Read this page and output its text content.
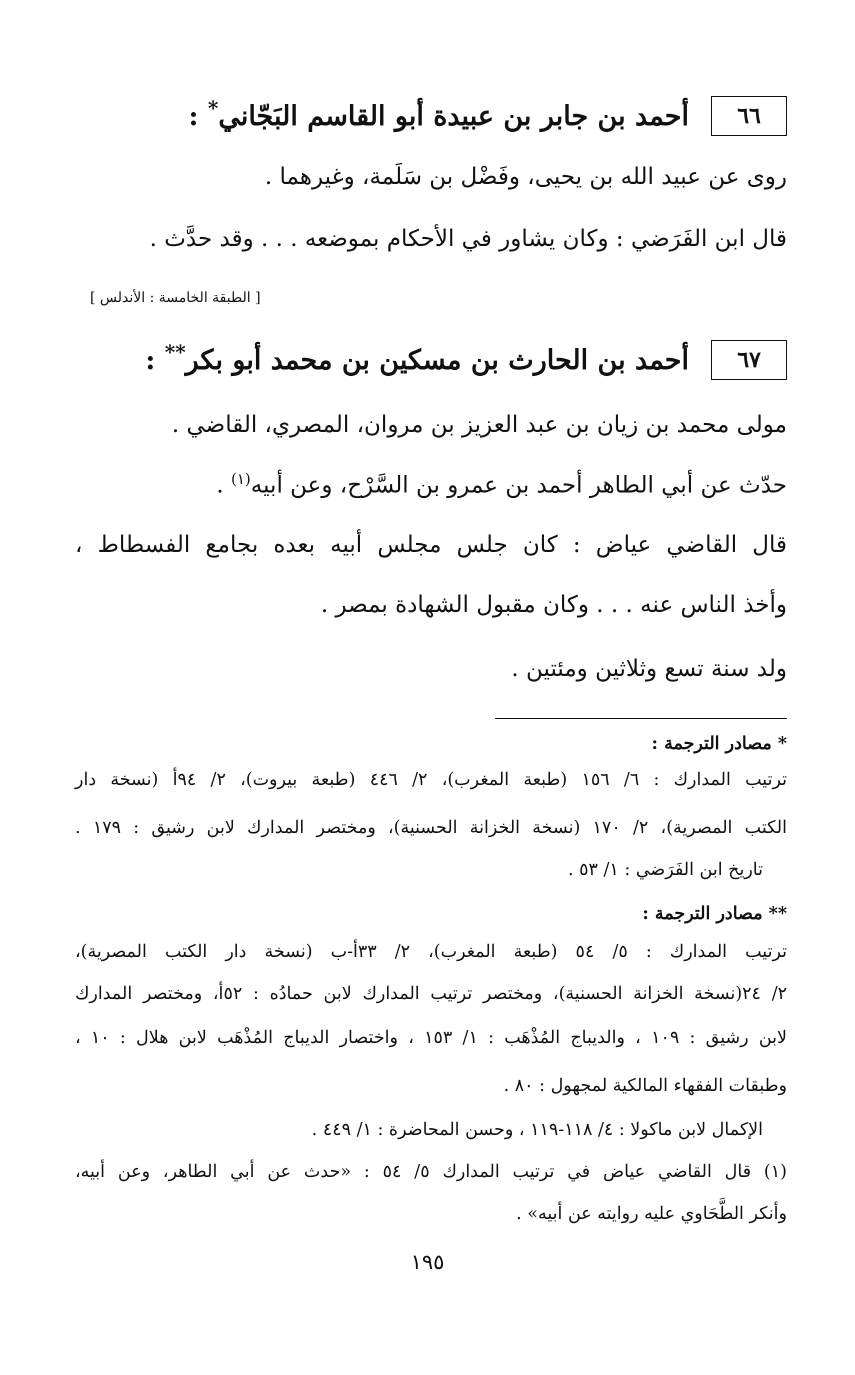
٦٦
أحمد بن جابر بن عبيدة أبو القاسم البَجّاني* :
روى عن عبيد الله بن يحيى، وفَضْل بن سَلَمة، وغيرهما .
قال ابن الفَرَضي : وكان يشاور في الأحكام بموضعه . . . وقد حدَّث .
[ الطبقة الخامسة : الأندلس ]
٦٧
أحمد بن الحارث بن مسكين بن محمد أبو بكر** :
مولى محمد بن زيان بن عبد العزيز بن مروان، المصري، القاضي .
حدّث عن أبي الطاهر أحمد بن عمرو بن السَّرْح، وعن أبيه$^{(١)}$ .
قال القاضي عياض : كان جلس مجلس أبيه بعده بجامع الفسطاط ،
وأخذ الناس عنه . . . وكان مقبول الشهادة بمصر .
ولد سنة تسع وثلاثين ومئتين .
* مصادر الترجمة :
ترتيب المدارك : ٦/ ١٥٦ (طبعة المغرب)، ٢/ ٤٤٦ (طبعة بيروت)، ٢/ ٩٤أ (نسخة دار
الكتب المصرية)، ٢/ ١٧٠ (نسخة الخزانة الحسنية)، ومختصر المدارك لابن رشيق : ١٧٩ .
تاريخ ابن الفَرَضي : ١/ ٥٣ .
** مصادر الترجمة :
ترتيب المدارك : ٥/ ٥٤ (طبعة المغرب)، ٢/ ٣٣أ-ب (نسخة دار الكتب المصرية)،
٢/ ٢٤(نسخة الخزانة الحسنية)، ومختصر ترتيب المدارك لابن حمادُه : ٥٢أ، ومختصر المدارك
لابن رشيق : ١٠٩ ، والديباج المُذْهَب : ١/ ١٥٣ ، واختصار الديباج المُذْهَب لابن هلال : ١٠ ،
وطبقات الفقهاء المالكية لمجهول : ٨٠ .
الإكمال لابن ماكولا : ٤/ ١١٨-١١٩ ، وحسن المحاضرة : ١/ ٤٤٩ .
(١) قال القاضي عياض في ترتيب المدارك ٥/ ٥٤ : «حدث عن أبي الطاهر، وعن أبيه،
وأنكر الطَّحَاوي عليه روايته عن أبيه» .
١٩٥
